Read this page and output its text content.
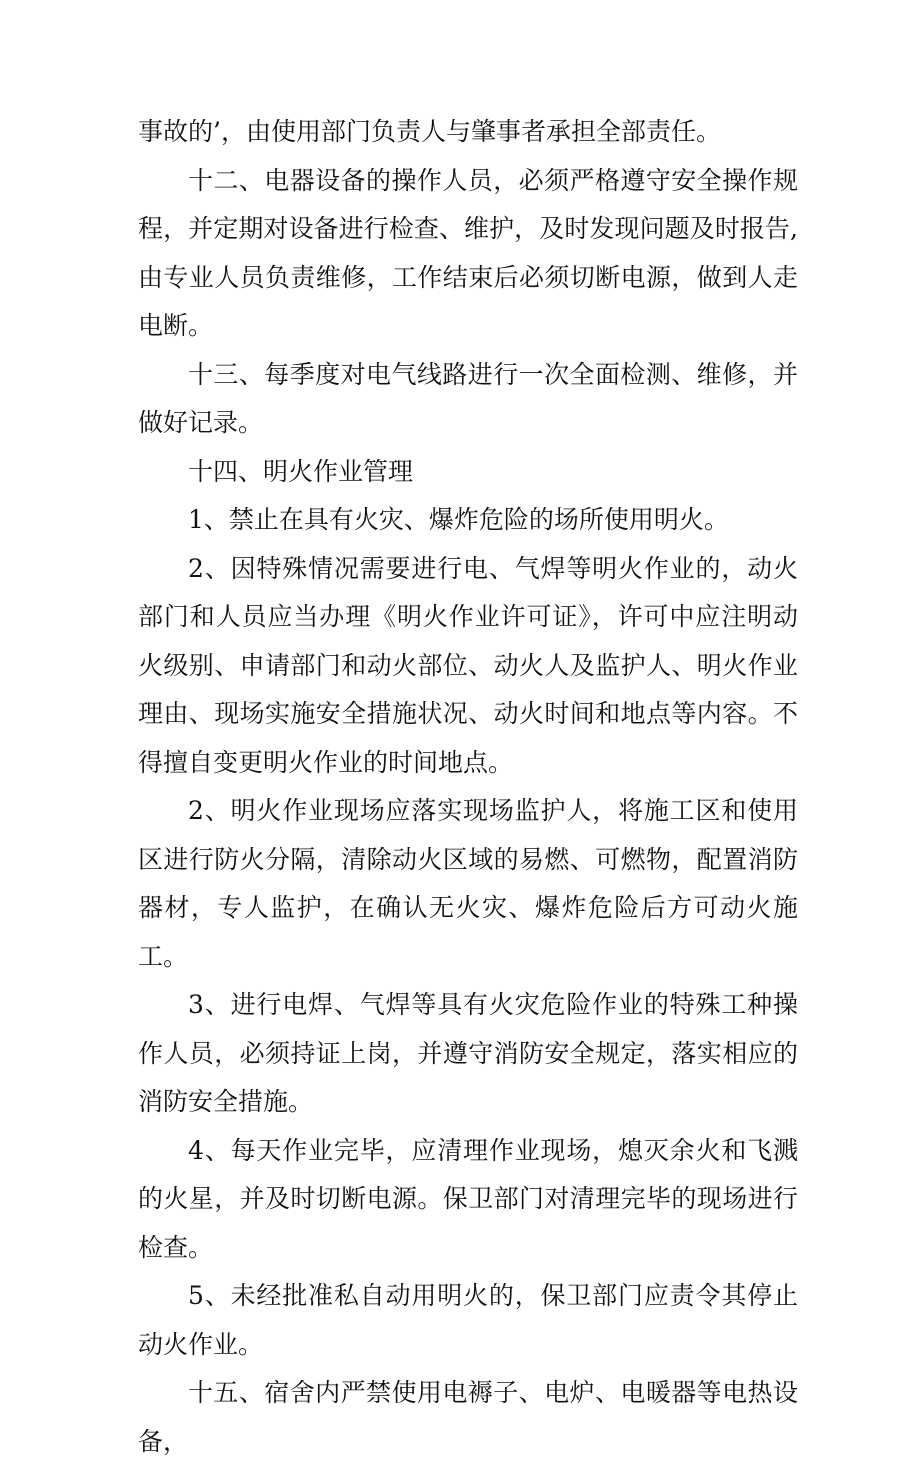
事故的’，由使用部门负责人与肇事者承担全部责任。

十二、电器设备的操作人员，必须严格遵守安全操作规程，并定期对设备进行检查、维护，及时发现问题及时报告,由专业人员负责维修，工作结束后必须切断电源，做到人走电断。

十三、每季度对电气线路进行一次全面检测、维修，并做好记录。

十四、明火作业管理

1、禁止在具有火灾、爆炸危险的场所使用明火。

2、因特殊情况需要进行电、气焊等明火作业的，动火部门和人员应当办理《明火作业许可证》，许可中应注明动火级别、申请部门和动火部位、动火人及监护人、明火作业理由、现场实施安全措施状况、动火时间和地点等内容。不得擅自变更明火作业的时间地点。

2、明火作业现场应落实现场监护人，将施工区和使用区进行防火分隔，清除动火区域的易燃、可燃物，配置消防器材，专人监护，在确认无火灾、爆炸危险后方可动火施工。

3、进行电焊、气焊等具有火灾危险作业的特殊工种操作人员，必须持证上岗，并遵守消防安全规定，落实相应的消防安全措施。

4、每天作业完毕，应清理作业现场，熄灭余火和飞溅的火星，并及时切断电源。保卫部门对清理完毕的现场进行检查。

5、未经批准私自动用明火的，保卫部门应责令其停止动火作业。

十五、宿舍内严禁使用电褥子、电炉、电暖器等电热设备，
